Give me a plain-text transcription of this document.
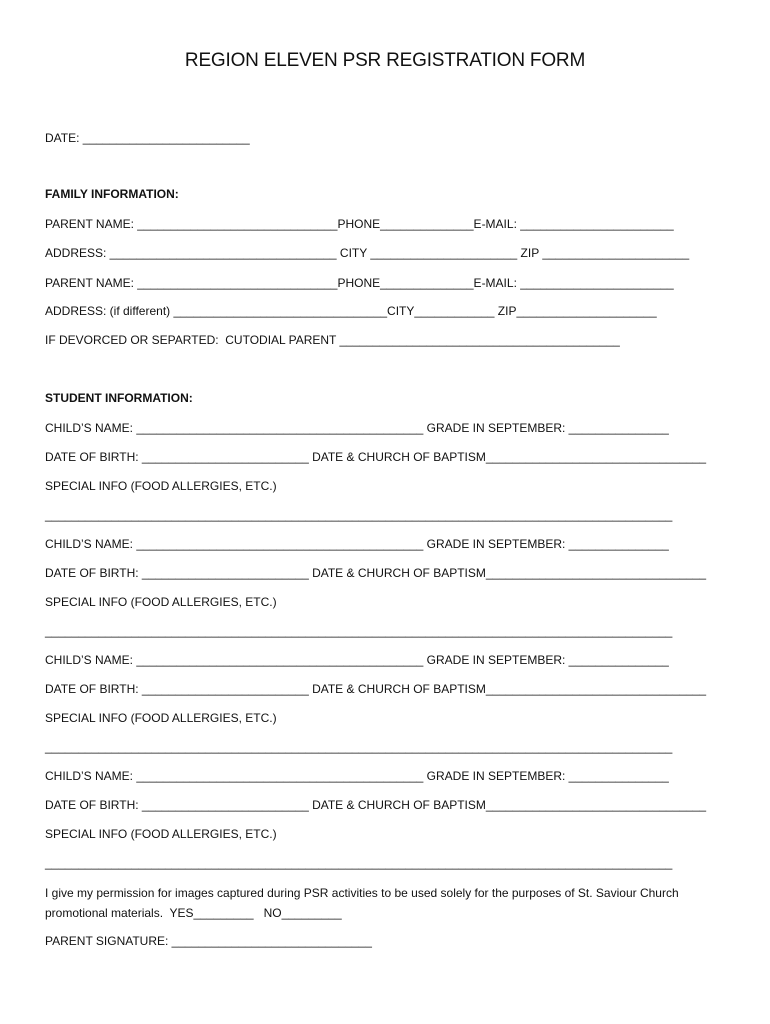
REGION ELEVEN PSR REGISTRATION FORM
DATE: _________________________
FAMILY INFORMATION:
PARENT NAME: ______________________________PHONE______________E-MAIL: _______________________
ADDRESS: __________________________________ CITY ______________________ ZIP ______________________
PARENT NAME: ______________________________PHONE______________E-MAIL: _______________________
ADDRESS: (if different) ________________________________CITY____________ ZIP_____________________
IF DEVORCED OR SEPARTED:  CUTODIAL PARENT __________________________________________
STUDENT INFORMATION:
CHILD’S NAME: ___________________________________________ GRADE IN SEPTEMBER: _______________
DATE OF BIRTH: _________________________ DATE & CHURCH OF BAPTISM_________________________________
SPECIAL INFO (FOOD ALLERGIES, ETC.)
______________________________________________________________________________________________
CHILD’S NAME: ___________________________________________ GRADE IN SEPTEMBER: _______________
DATE OF BIRTH: _________________________ DATE & CHURCH OF BAPTISM_________________________________
SPECIAL INFO (FOOD ALLERGIES, ETC.)
______________________________________________________________________________________________
CHILD’S NAME: ___________________________________________ GRADE IN SEPTEMBER: _______________
DATE OF BIRTH: _________________________ DATE & CHURCH OF BAPTISM_________________________________
SPECIAL INFO (FOOD ALLERGIES, ETC.)
______________________________________________________________________________________________
CHILD’S NAME: ___________________________________________ GRADE IN SEPTEMBER: _______________
DATE OF BIRTH: _________________________ DATE & CHURCH OF BAPTISM_________________________________
SPECIAL INFO (FOOD ALLERGIES, ETC.)
______________________________________________________________________________________________
I give my permission for images captured during PSR activities to be used solely for the purposes of St. Saviour Church
promotional materials.  YES_________   NO_________
PARENT SIGNATURE: ______________________________
